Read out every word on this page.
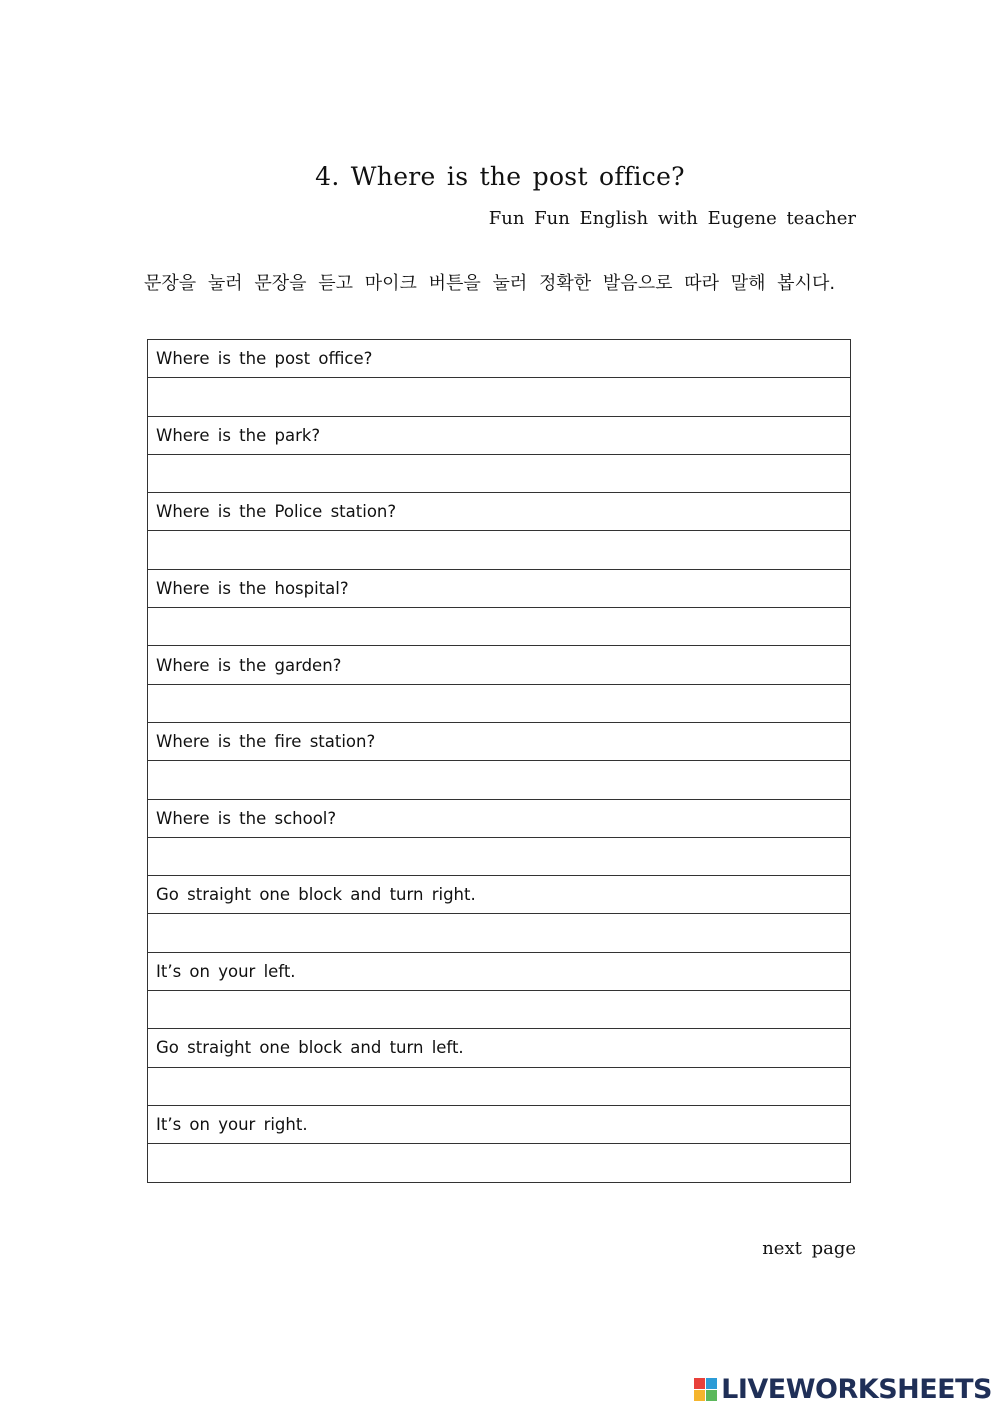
4. Where is the post office?
Fun Fun English with Eugene teacher
문장을 눌러 문장을 듣고 마이크 버튼을 눌러 정확한 발음으로 따라 말해 봅시다.
Where is the post office?

Where is the park?

Where is the Police station?

Where is the hospital?

Where is the garden?

Where is the fire station?

Where is the school?

Go straight one block and turn right.

It’s on your left.

Go straight one block and turn left.

It’s on your right.

next page
LIVEWORKSHEETS
